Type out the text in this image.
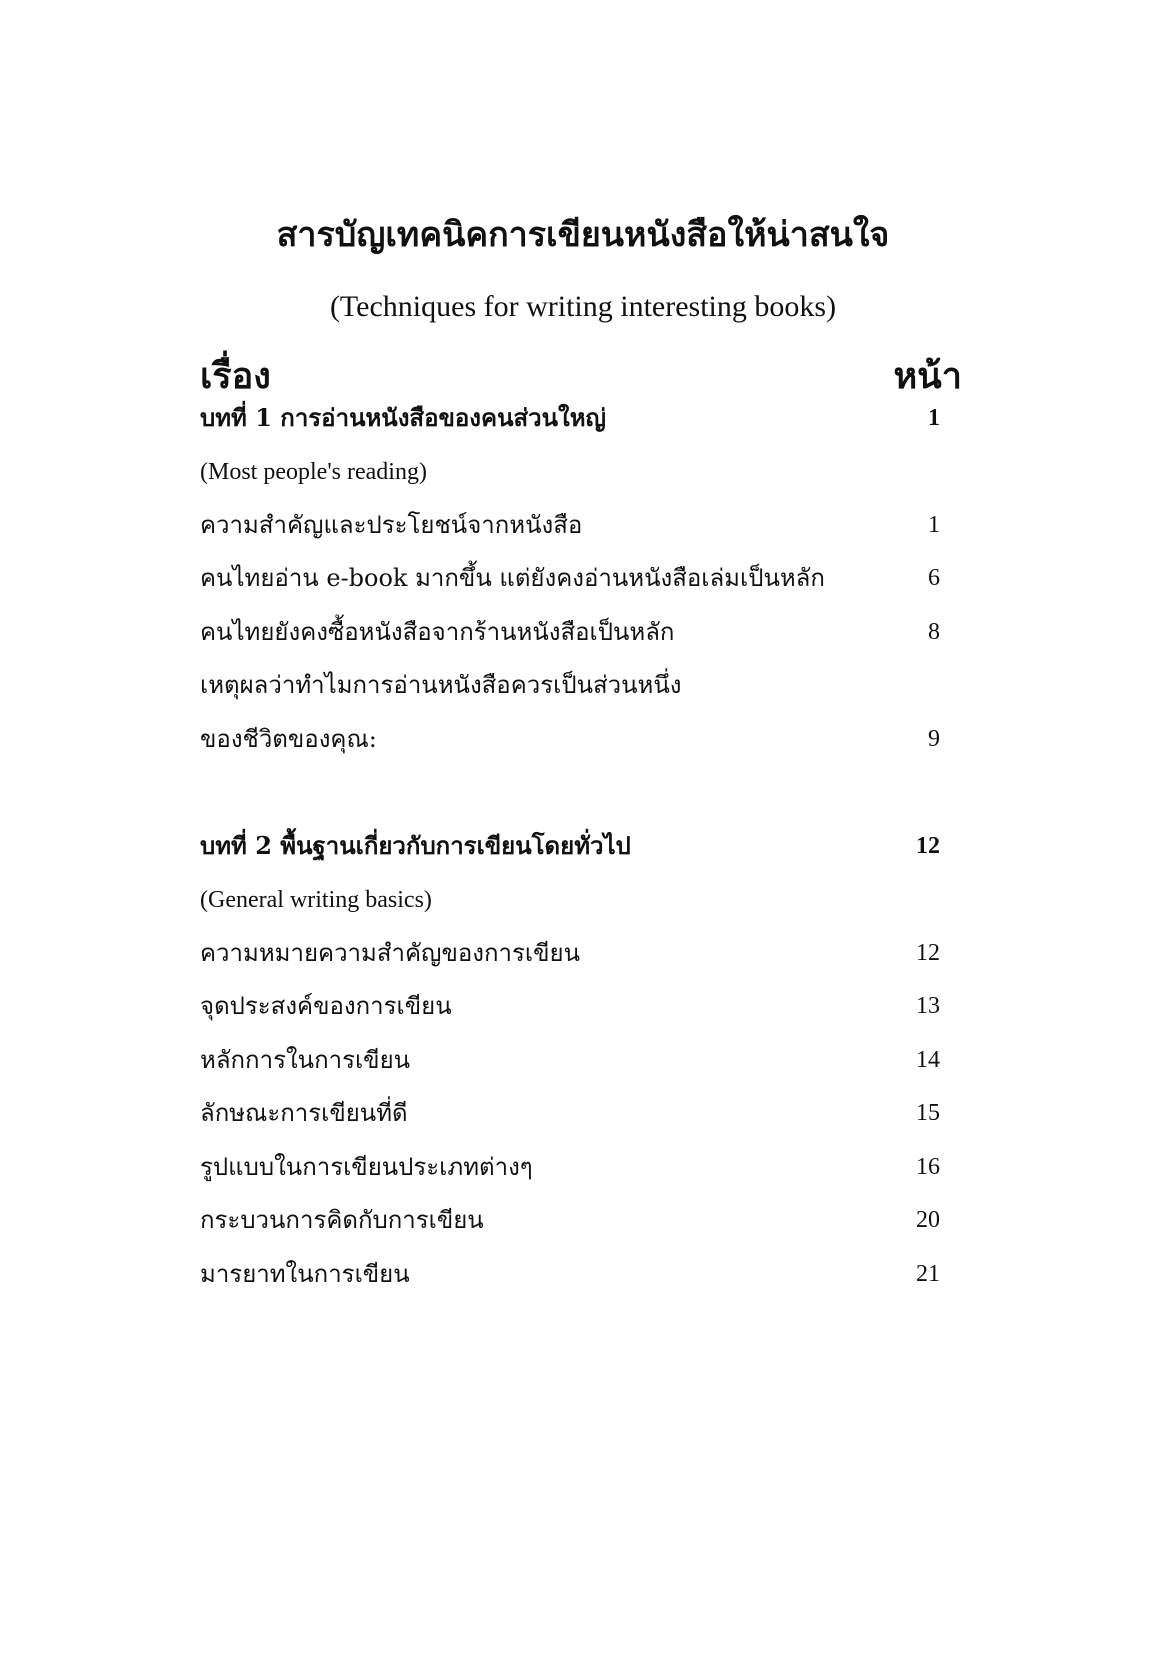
สารบัญเทคนิคการเขียนหนังสือให้น่าสนใจ
(Techniques for writing interesting books)
เรื่อง	หน้า
บทที่ 1 การอ่านหนังสือของคนส่วนใหญ่	1
(Most people's reading)
ความสำคัญและประโยชน์จากหนังสือ	1
คนไทยอ่าน e-book มากขึ้น แต่ยังคงอ่านหนังสือเล่มเป็นหลัก	6
คนไทยยังคงซื้อหนังสือจากร้านหนังสือเป็นหลัก	8
เหตุผลว่าทำไมการอ่านหนังสือควรเป็นส่วนหนึ่ง
ของชีวิตของคุณ:	9
บทที่ 2 พื้นฐานเกี่ยวกับการเขียนโดยทั่วไป	12
(General writing basics)
ความหมายความสำคัญของการเขียน	12
จุดประสงค์ของการเขียน	13
หลักการในการเขียน	14
ลักษณะการเขียนที่ดี	15
รูปแบบในการเขียนประเภทต่างๆ	16
กระบวนการคิดกับการเขียน	20
มารยาทในการเขียน	21
